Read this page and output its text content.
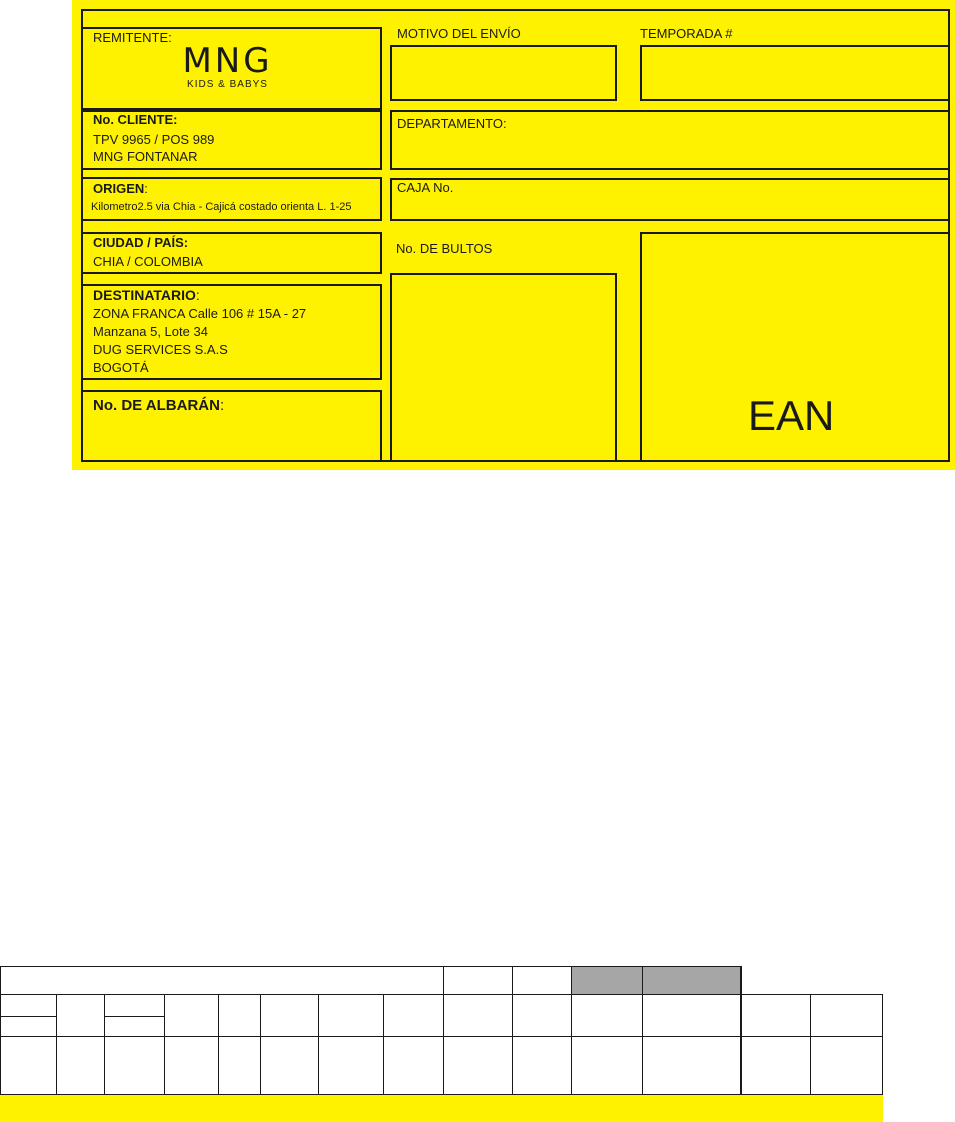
REMITENTE:
MNG
KIDS & BABYS
No. CLIENTE:
TPV 9965 / POS 989
MNG FONTANAR
ORIGEN:
Kilometro2.5 via Chia - Cajicá costado orienta L. 1-25
CIUDAD / PAÍS:
CHIA / COLOMBIA
DESTINATARIO:
ZONA FRANCA Calle 106 # 15A - 27
Manzana 5, Lote 34
DUG SERVICES S.A.S
BOGOTÁ
No. DE ALBARÁN:
MOTIVO DEL ENVÍO	TEMPORADA #
DEPARTAMENTO:
CAJA No.
No. DE BULTOS
EAN
